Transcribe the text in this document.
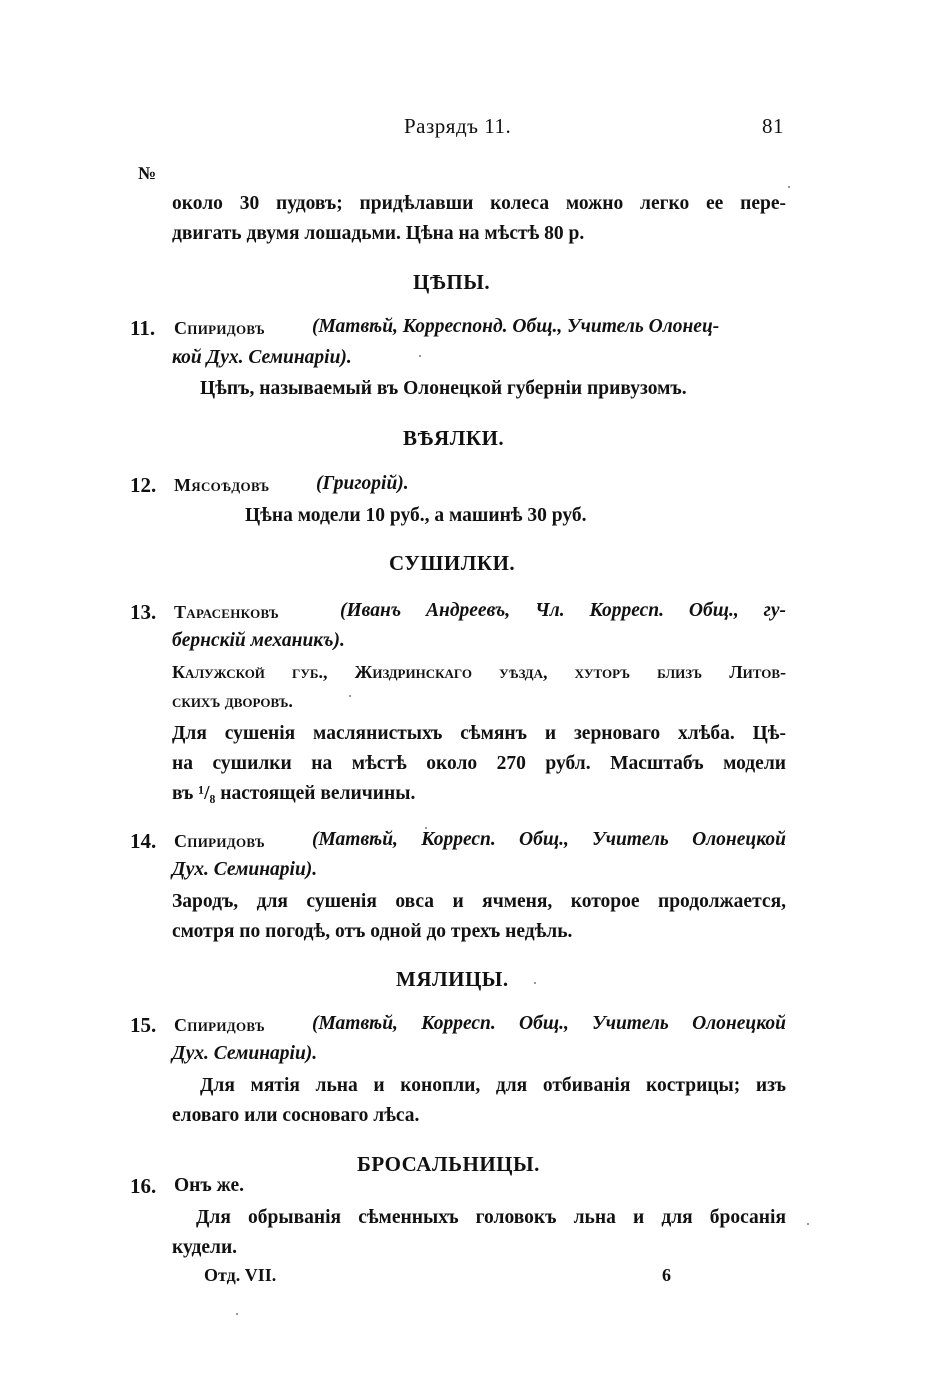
Разрядъ 11.	81
№
около 30 пудовъ; придѣлавши колеса можно легко ее пере-
двигать двумя лошадьми. Цѣна на мѣстѣ 80 р.
ЦѢПЫ.
11. Спиридовъ (Матвѣй, Корреспонд. Общ., Учитель Олонец-
кой Дух. Семинаріи).
Цѣпъ, называемый въ Олонецкой губерніи привузомъ.
ВѢЯЛКИ.
12. Мясоѣдовъ (Григорій).
Цѣна модели 10 руб., а машинѣ 30 руб.
СУШИЛКИ.
13. Тарасенковъ	(Иванъ Андреевъ, Чл. Корресп. Общ., гу-
бернскій механикъ).
Калужской губ., Жиздринскаго уѣзда, хуторъ близъ Литов-
скихъ дворовъ.
Для сушенія маслянистыхъ сѣмянъ и зерноваго хлѣба. Цѣ-
на сушилки на мѣстѣ около 270 рубл. Масштабъ модели
въ ¹/₈ настоящей величины.
14. Спиридовъ (Матвѣй, Корресп. Общ., Учитель Олонецкой
Дух. Семинаріи).
Зародъ, для сушенія овса и ячменя, которое продолжается,
смотря по погодѣ, отъ одной до трехъ недѣль.
МЯЛИЦЫ.
15. Спиридовъ (Матвѣй, Корресп. Общ., Учитель Олонецкой
Дух. Семинаріи).
Для мятія льна и конопли, для отбиванія кострицы; изъ
еловаго или сосноваго лѣса.
БРОСАЛЬНИЦЫ.
16. Онъ же.
Для обрыванія сѣменныхъ головокъ льна и для бросанія
кудели.
Отд. VII.	6
